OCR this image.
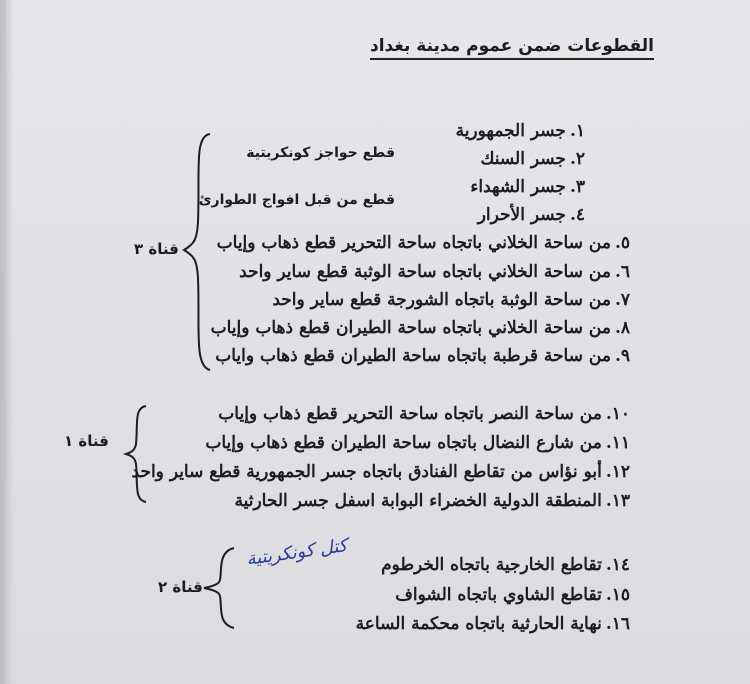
القطوعات ضمن عموم مدينة بغداد
١.جسر الجمهورية
٢.جسر السنك
٣.جسر الشهداء
٤.جسر الأحرار
٥.من ساحة الخلاني باتجاه ساحة التحرير قطع ذهاب وإياب
٦.من ساحة الخلاني باتجاه ساحة الوثبة قطع ساير واحد
٧.من ساحة الوثبة باتجاه الشورجة قطع ساير واحد
٨.من ساحة الخلاني باتجاه ساحة الطيران قطع ذهاب وإياب
٩.من ساحة قرطبة باتجاه ساحة الطيران قطع ذهاب واياب
قطع حواجز كونكريتية
قطع من قبل افواج الطوارئ
قناة ٣
١٠.من ساحة النصر باتجاه ساحة التحرير قطع ذهاب وإياب
١١.من شارع النضال باتجاه ساحة الطيران قطع ذهاب وإياب
١٢.أبو نؤاس من تقاطع الفنادق باتجاه جسر الجمهورية قطع ساير واحد
١٣.المنطقة الدولية الخضراء البوابة اسفل جسر الحارثية
قناة ١
١٤.تقاطع الخارجية باتجاه الخرطوم
١٥.تقاطع الشاوي باتجاه الشواف
١٦.نهاية الحارثية باتجاه محكمة الساعة
قناة ٢
كتل كونكريتية
